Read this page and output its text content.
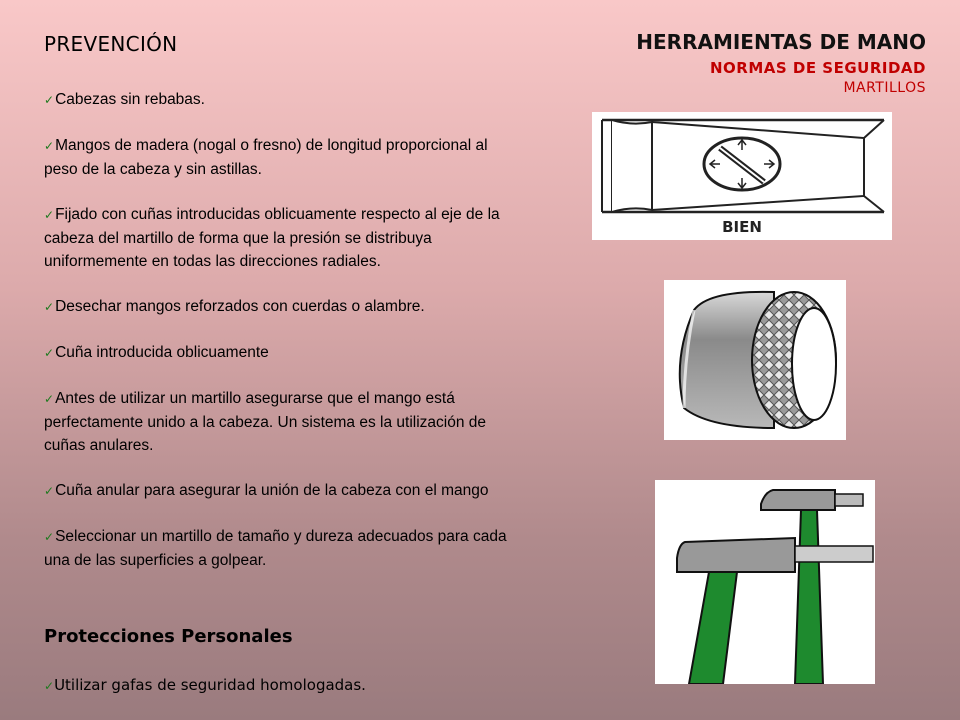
PREVENCIÓN	HERRAMIENTAS DE MANO
NORMAS DE SEGURIDAD
MARTILLOS
✓Cabezas sin rebabas.
✓Mangos de madera (nogal o fresno) de longitud proporcional al peso de la cabeza y sin astillas.
✓Fijado con cuñas introducidas oblicuamente respecto al eje de la cabeza del martillo de forma que la presión se distribuya uniformemente en todas las direcciones radiales.
✓Desechar mangos reforzados con cuerdas o alambre.
✓Cuña introducida oblicuamente
✓Antes de utilizar un martillo asegurarse que el mango está perfectamente unido a la cabeza. Un sistema es la utilización de cuñas anulares.
✓Cuña anular para asegurar la unión de la cabeza con el mango
✓Seleccionar un martillo de tamaño y dureza adecuados para cada una de las superficies a golpear.
Protecciones Personales
✓Utilizar gafas de seguridad homologadas.
BIEN
